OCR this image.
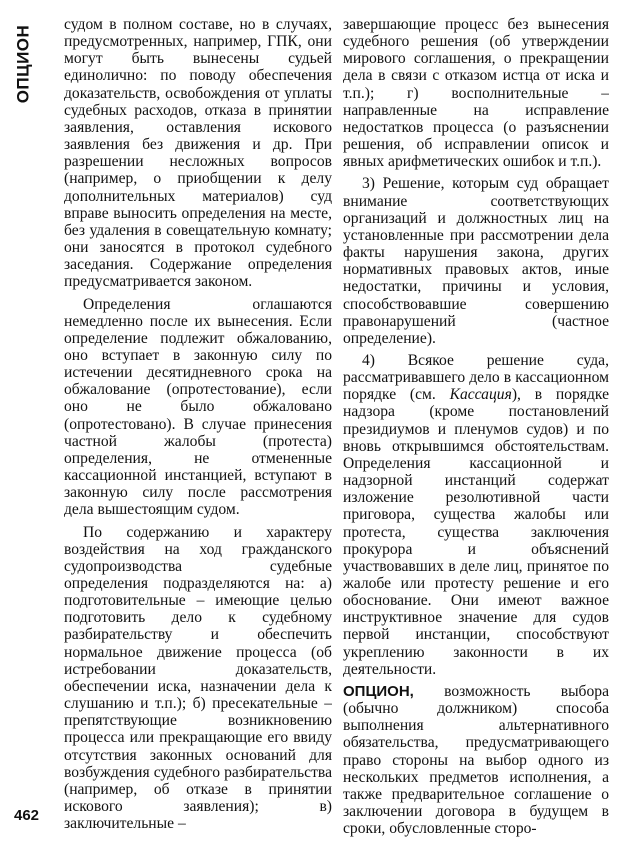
ОПЦИОН

судом в полном составе, но в случаях, предусмотренных, например, ГПК, они могут быть вынесены судьей единолично: по поводу обеспечения доказательств, освобождения от уплаты судебных расходов, отказа в принятии заявления, оставления искового заявления без движения и др. При разрешении несложных вопросов (например, о приобщении к делу дополнительных материалов) суд вправе выносить определения на месте, без удаления в совещательную комнату; они заносятся в протокол судебного заседания. Содержание определения предусматривается законом.

Определения оглашаются немедленно после их вынесения. Если определение подлежит обжалованию, оно вступает в законную силу по истечении десятидневного срока на обжалование (опротестование), если оно не было обжаловано (опротестовано). В случае принесения частной жалобы (протеста) определения, не отмененные кассационной инстанцией, вступают в законную силу после рассмотрения дела вышестоящим судом.

По содержанию и характеру воздействия на ход гражданского судопроизводства судебные определения подразделяются на: а) подготовительные – имеющие целью подготовить дело к судебному разбирательству и обеспечить нормальное движение процесса (об истребовании доказательств, обеспечении иска, назначении дела к слушанию и т.п.); б) пресекательные – препятствующие возникновению процесса или прекращающие его ввиду отсутствия законных оснований для возбуждения судебного разбирательства (например, об отказе в принятии искового заявления); в) заключительные –

завершающие процесс без вынесения судебного решения (об утверждении мирового соглашения, о прекращении дела в связи с отказом истца от иска и т.п.); г) восполнительные – направленные на исправление недостатков процесса (о разъяснении решения, об исправлении описок и явных арифметических ошибок и т.п.).

3) Решение, которым суд обращает внимание соответствующих организаций и должностных лиц на установленные при рассмотрении дела факты нарушения закона, других нормативных правовых актов, иные недостатки, причины и условия, способствовавшие совершению правонарушений (частное определение).

4) Всякое решение суда, рассматривавшего дело в кассационном порядке (см. Кассация), в порядке надзора (кроме постановлений президиумов и пленумов судов) и по вновь открывшимся обстоятельствам. Определения кассационной и надзорной инстанций содержат изложение резолютивной части приговора, существа жалобы или протеста, существа заключения прокурора и объяснений участвовавших в деле лиц, принятое по жалобе или протесту решение и его обоснование. Они имеют важное инструктивное значение для судов первой инстанции, способствуют укреплению законности в их деятельности.

ОПЦИОН, возможность выбора (обычно должником) способа выполнения альтернативного обязательства, предусматривающего право стороны на выбор одного из нескольких предметов исполнения, а также предварительное соглашение о заключении договора в будущем в сроки, обусловленные сторо-

462
